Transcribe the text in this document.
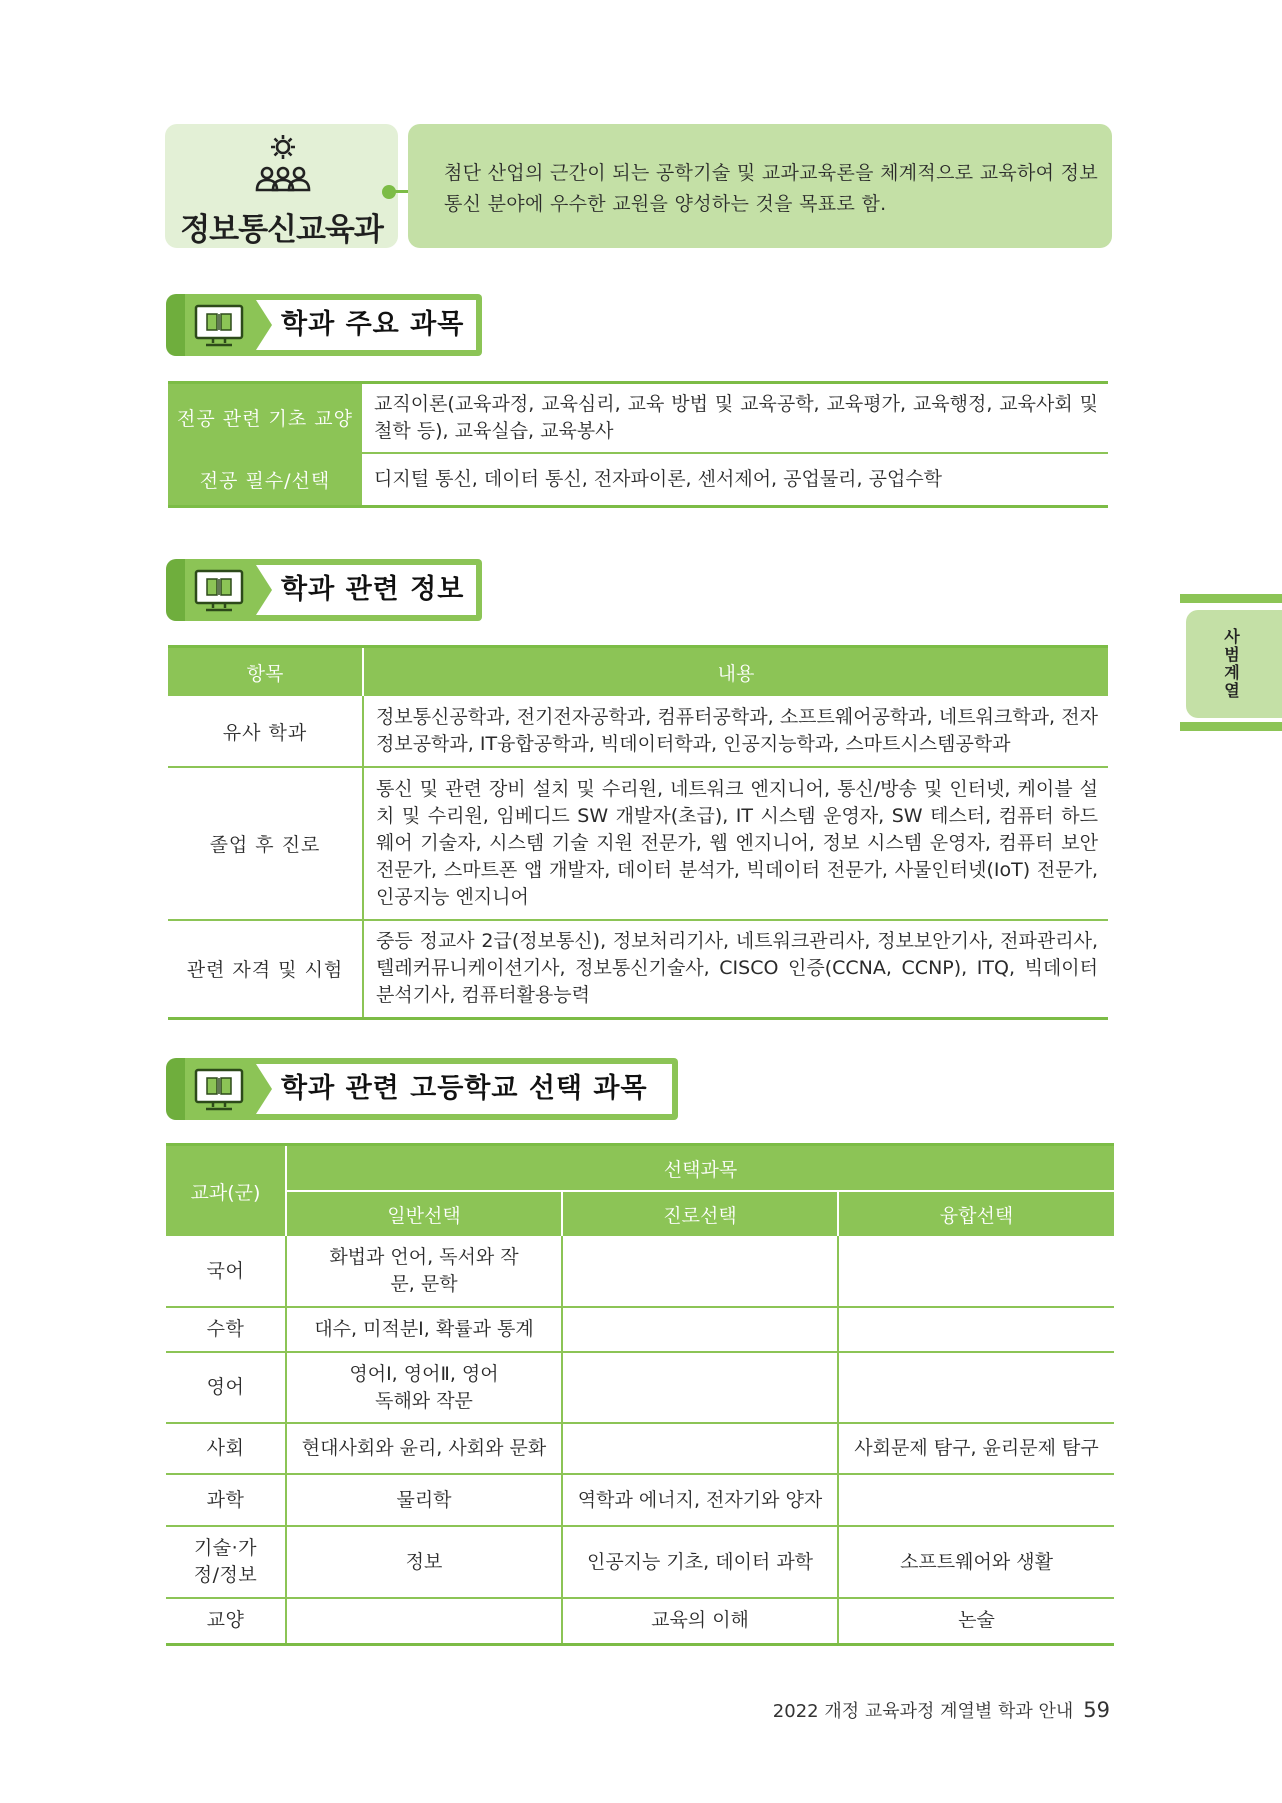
정보통신교육과
첨단 산업의 근간이 되는 공학기술 및 교과교육론을 체계적으로 교육하여 정보통신 분야에 우수한 교원을 양성하는 것을 목표로 함.
학과 주요 과목
전공 관련 기초 교양	교직이론(교육과정, 교육심리, 교육 방법 및 교육공학, 교육평가, 교육행정, 교육사회 및 철학 등), 교육실습, 교육봉사
전공 필수/선택	디지털 통신, 데이터 통신, 전자파이론, 센서제어, 공업물리, 공업수학
학과 관련 정보
항목	내용
유사 학과	정보통신공학과, 전기전자공학과, 컴퓨터공학과, 소프트웨어공학과, 네트워크학과, 전자정보공학과, IT융합공학과, 빅데이터학과, 인공지능학과, 스마트시스템공학과
졸업 후 진로	통신 및 관련 장비 설치 및 수리원, 네트워크 엔지니어, 통신/방송 및 인터넷, 케이블 설치 및 수리원, 임베디드 SW 개발자(초급), IT 시스템 운영자, SW 테스터, 컴퓨터 하드웨어 기술자, 시스템 기술 지원 전문가, 웹 엔지니어, 정보 시스템 운영자, 컴퓨터 보안 전문가, 스마트폰 앱 개발자, 데이터 분석가, 빅데이터 전문가, 사물인터넷(IoT) 전문가, 인공지능 엔지니어
관련 자격 및 시험	중등 정교사 2급(정보통신), 정보처리기사, 네트워크관리사, 정보보안기사, 전파관리사, 텔레커뮤니케이션기사, 정보통신기술사, CISCO 인증(CCNA, CCNP), ITQ, 빅데이터 분석기사, 컴퓨터활용능력
학과 관련 고등학교 선택 과목
교과(군)	선택과목		
	일반선택	진로선택	융합선택
국어	화법과 언어, 독서와 작문, 문학		
수학	대수, 미적분Ⅰ, 확률과 통계		
영어	영어Ⅰ, 영어Ⅱ, 영어 독해와 작문		
사회	현대사회와 윤리, 사회와 문화		사회문제 탐구, 윤리문제 탐구
과학	물리학	역학과 에너지, 전자기와 양자	
기술·가정/정보	정보	인공지능 기초, 데이터 과학	소프트웨어와 생활
교양		교육의 이해	논술
사범계열
2022 개정 교육과정 계열별 학과 안내 59
